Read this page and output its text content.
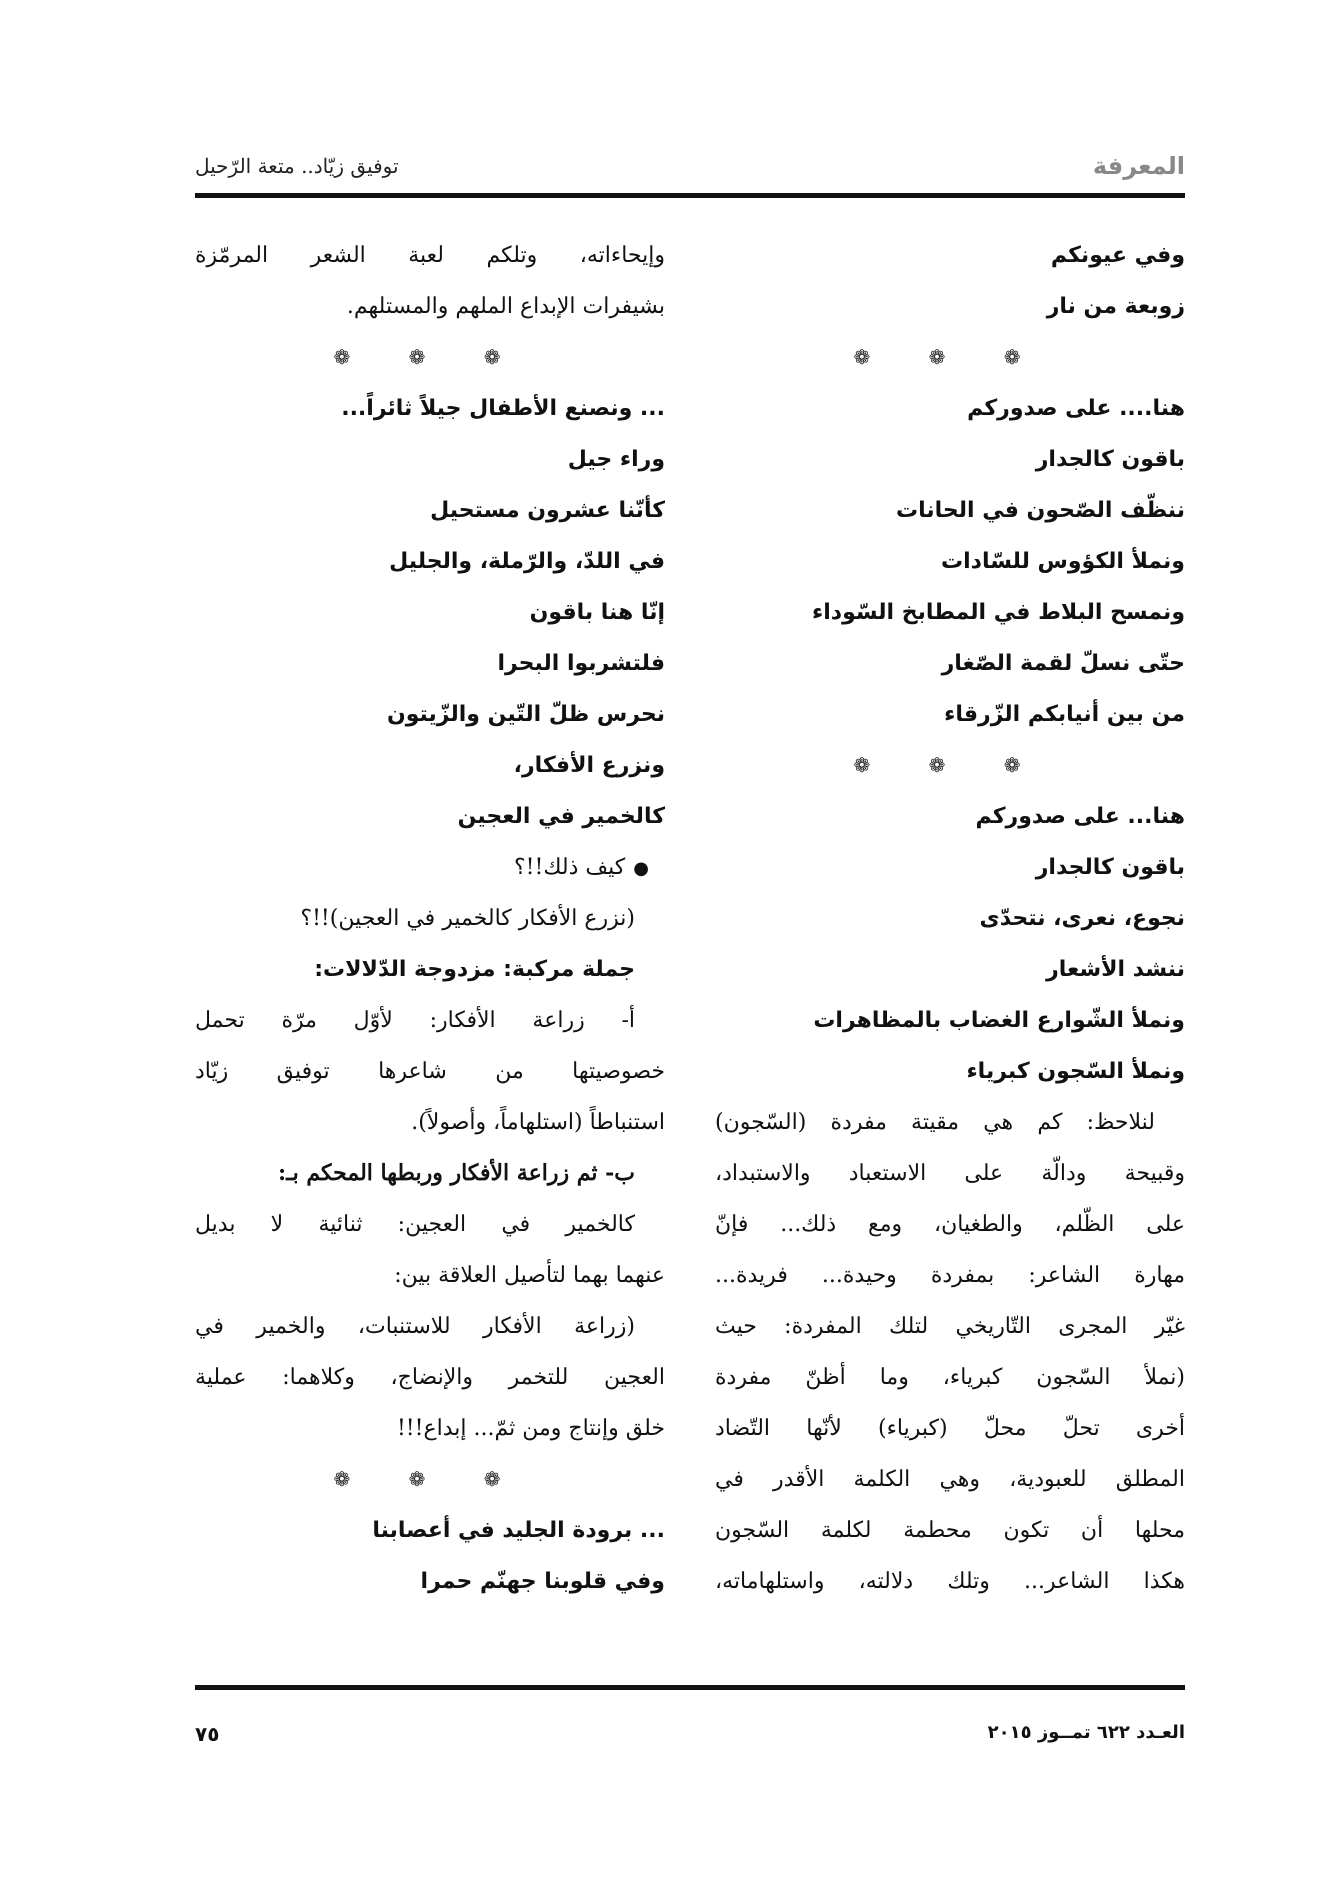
المعرفة
توفيق زيّاد.. متعة الرّحيل
وفي عيونكم
زوبعة من نار
❁ ❁ ❁
هنا.... على صدوركم
باقون كالجدار
ننظّف الصّحون في الحانات
ونملأ الكؤوس للسّادات
ونمسح البلاط في المطابخ السّوداء
حتّى نسلّ لقمة الصّغار
من بين أنيابكم الزّرقاء
❁ ❁ ❁
هنا... على صدوركم
باقون كالجدار
نجوع، نعرى، نتحدّى
ننشد الأشعار
ونملأ الشّوارع الغضاب بالمظاهرات
ونملأ السّجون كبرياء
لنلاحظ: كم هي مقيتة مفردة (السّجون)
وقبيحة ودالّة على الاستعباد والاستبداد،
على الظّلم، والطغيان، ومع ذلك... فإنّ
مهارة الشاعر: بمفردة وحيدة... فريدة...
غيّر المجرى التّاريخي لتلك المفردة: حيث
(نملأ السّجون كبرياء، وما أظنّ مفردة
أخرى تحلّ محلّ (كبرياء) لأنّها التّضاد
المطلق للعبودية، وهي الكلمة الأقدر في
محلها أن تكون محطمة لكلمة السّجون
هكذا الشاعر... وتلك دلالته، واستلهاماته،
وإيحاءاته، وتلكم لعبة الشعر المرمّزة
بشيفرات الإبداع الملهم والمستلهم.
❁ ❁ ❁
... ونصنع الأطفال جيلاً ثائراً...
وراء جيل
كأنّنا عشرون مستحيل
في اللدّ، والرّملة، والجليل
إنّا هنا باقون
فلتشربوا البحرا
نحرس ظلّ التّين والزّيتون
ونزرع الأفكار،
كالخمير في العجين
●كيف ذلك!!؟
(نزرع الأفكار كالخمير في العجين)!!؟
جملة مركبة: مزدوجة الدّلالات:
أ- زراعة الأفكار: لأوّل مرّة تحمل
خصوصيتها من شاعرها توفيق زيّاد
استنباطاً (استلهاماً، وأصولاً).
ب- ثم زراعة الأفكار وربطها المحكم بـ:
كالخمير في العجين: ثنائية لا بديل
عنهما بهما لتأصيل العلاقة بين:
(زراعة الأفكار للاستنبات، والخمير في
العجين للتخمر والإنضاج، وكلاهما: عملية
خلق وإنتاج ومن ثمّ... إبداع!!!
❁ ❁ ❁
... برودة الجليد في أعصابنا
وفي قلوبنا جهنّم حمرا
العـدد ٦٢٢ تمــوز ٢٠١٥
٧٥
